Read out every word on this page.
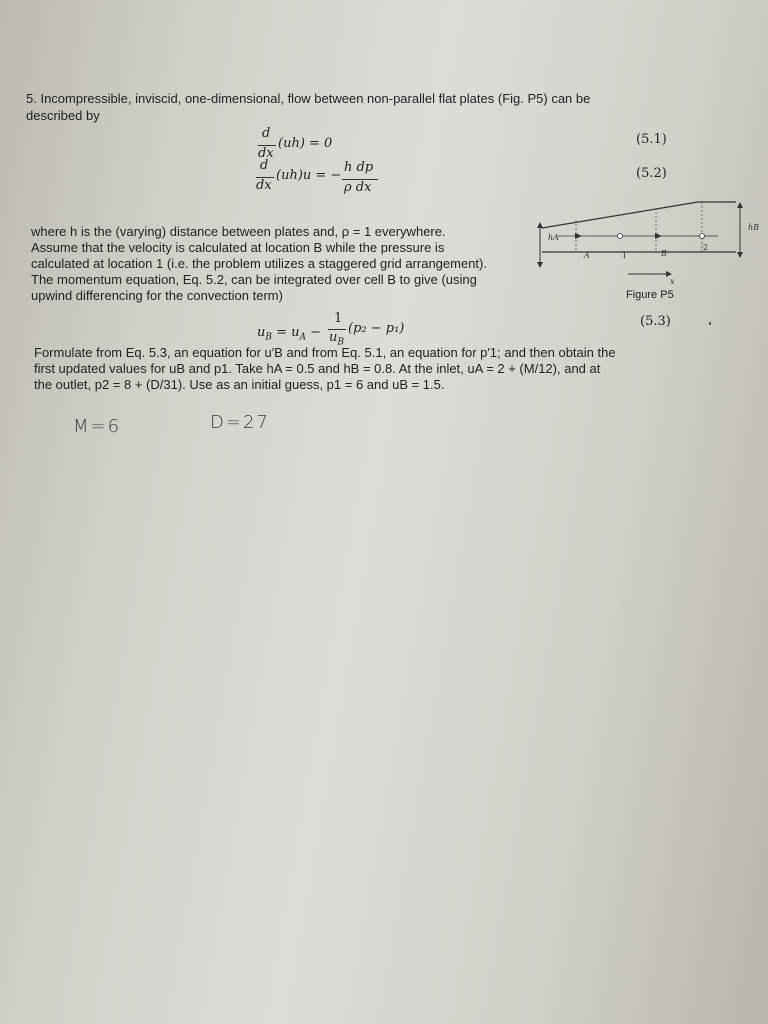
5. Incompressible, inviscid, one-dimensional, flow between non-parallel flat plates (Fig. P5) can be
described by
d
dx
(uh) = 0	(5.1)
d
dx
(uh)u = −
h dp
ρ dx
(5.2)
where h is the (varying) distance between plates and, ρ = 1 everywhere.
Assume that the velocity is calculated at location B while the pressure is
calculated at location 1 (i.e. the problem utilizes a staggered grid arrangement).
The momentum equation, Eq. 5.2, can be integrated over cell B to give (using
upwind differencing for the convection term)
hA
hB
A	1	B
2
x
Figure P5
$u_B = u_A$ −
1
$u_B$
(p₂ − p₁)	(5.3)
Formulate from Eq. 5.3, an equation for u′B and from Eq. 5.1, an equation for p′1; and then obtain the
first updated values for uB and p1. Take hA = 0.5 and hB = 0.8. At the inlet, uA = 2 + (M/12), and at
the outlet, p2 = 8 + (D/31). Use as an initial guess, p1 = 6 and uB = 1.5.
M=6	D=27
